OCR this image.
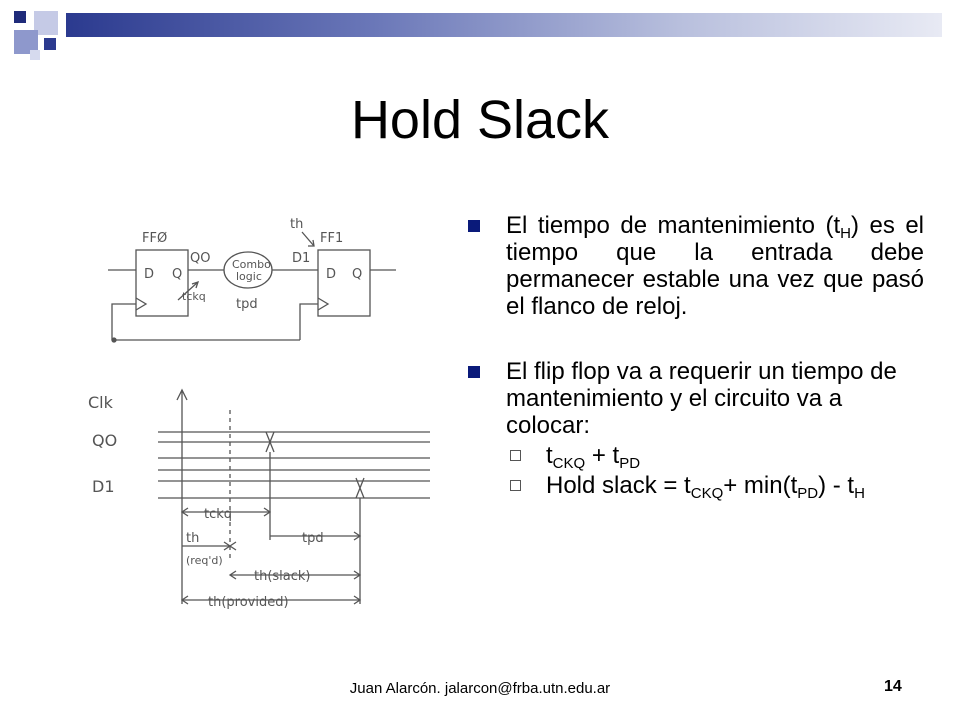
Hold Slack
FFØ
D Q
QO Combo
logic
tpd
tckq
th
FF1
D1
D Q
Clk
QO
D1
tckq
tpd
th
(req'd)
th(slack)
th(provided)
El tiempo de mantenimiento $(t_H)$ es el tiempo que la entrada debe permanecer estable una vez que pasó el flanco de reloj.
El flip flop va a requerir un tiempo de mantenimiento y el circuito va a colocar:
$t_{CKQ} + t_{PD}$
Hold slack = $t_{CKQ}+ \min(t_{PD}) - t_H$
Juan Alarcón. jalarcon@frba.utn.edu.ar	14
